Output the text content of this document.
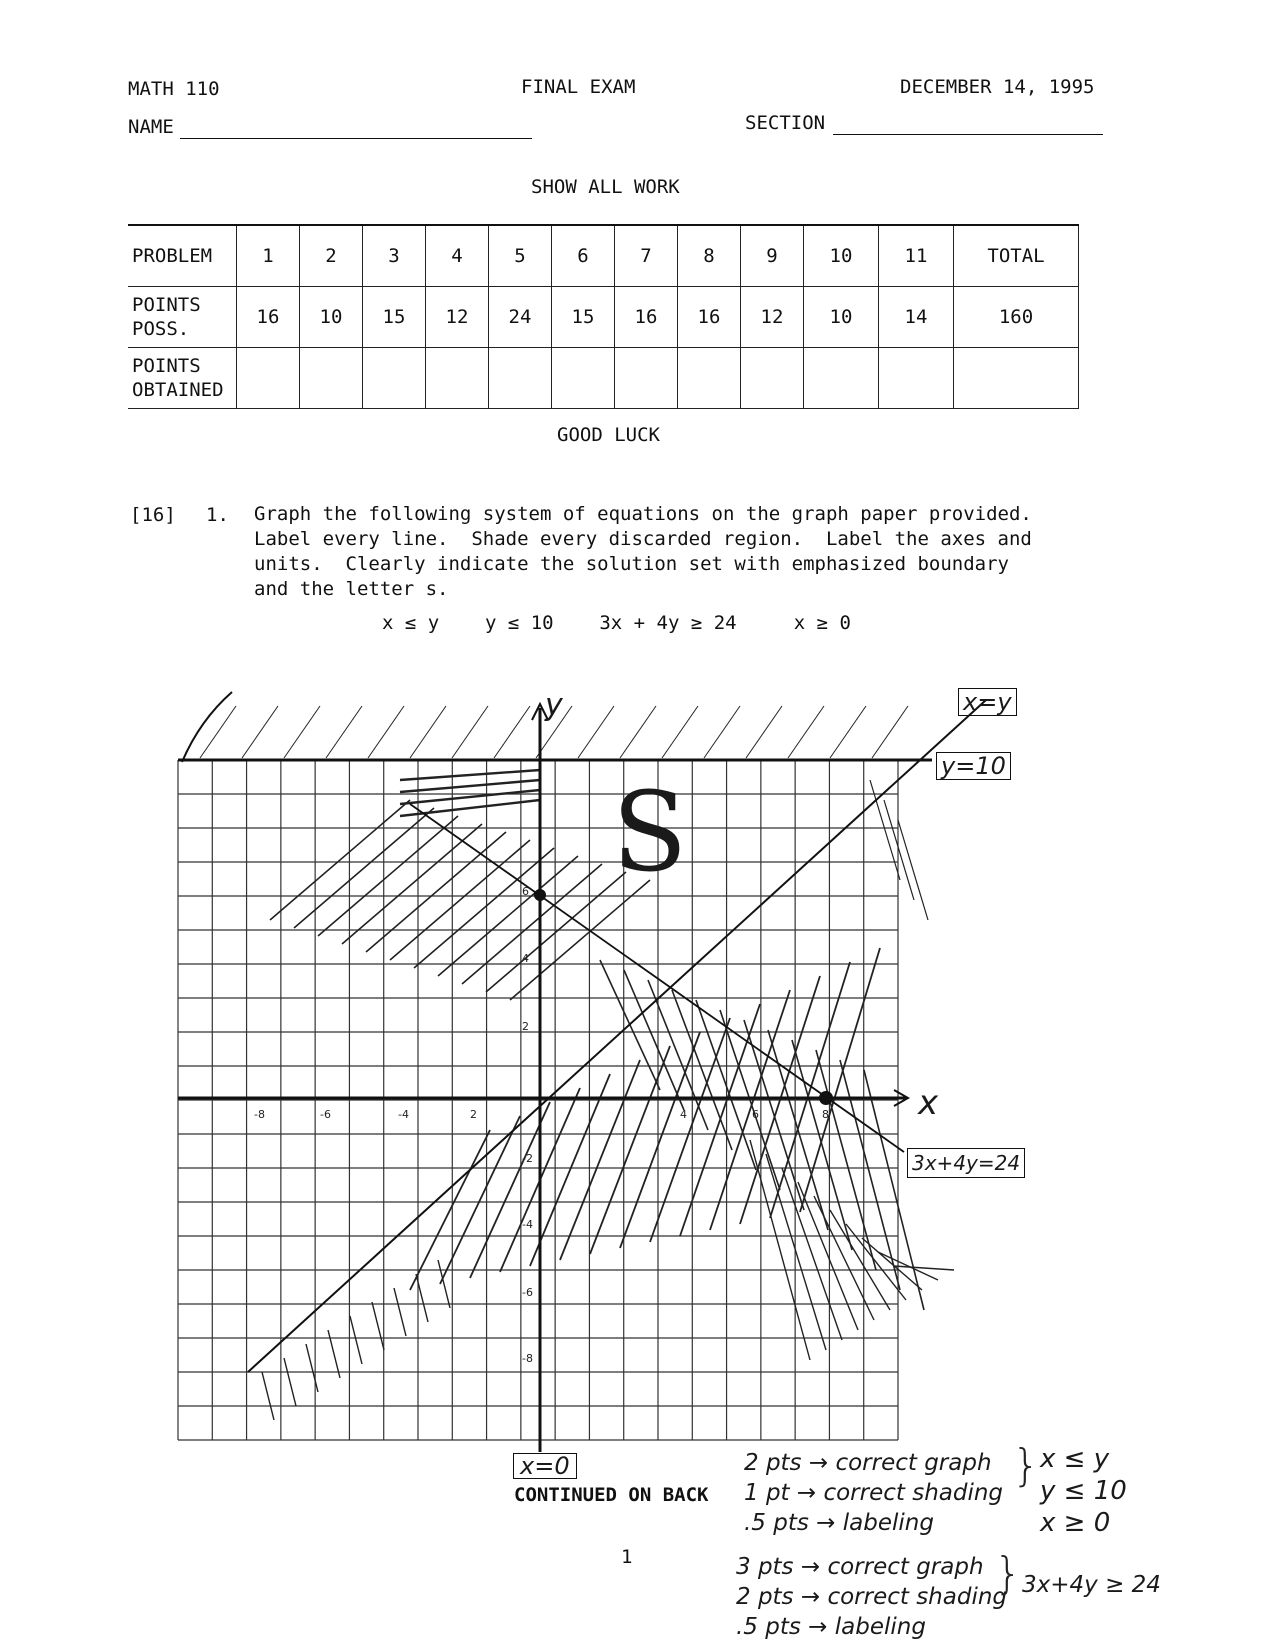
MATH 110	FINAL EXAM	DECEMBER 14, 1995
NAME	SECTION
SHOW ALL WORK
PROBLEM	1	2	3	4	5	6	7	8	9	10	11	TOTAL
POINTS
POSS.	16	10	15	12	24	15	16	16	12	10	14	160
POINTS
OBTAINED												
GOOD LUCK
[16] 1. Graph the following system of equations on the graph paper provided.
Label every line.  Shade every discarded region.  Label the axes and
units.  Clearly indicate the solution set with emphasized boundary
and the letter s.
x ≤ y    y ≤ 10    3x + 4y ≥ 24     x ≥ 0
-8	-6	-4	2	4	6	8
6
4
2
-2
-4
-6
-8
y
x
x=y
y=10
3x+4y=24
x=0
S
CONTINUED ON BACK
1
2 pts → correct graph
1 pt → correct shading
.5 pts → labeling
} x ≤ y
y ≤ 10
x ≥ 0
3 pts → correct graph
2 pts → correct shading
.5 pts → labeling
} 3x+4y ≥ 24
